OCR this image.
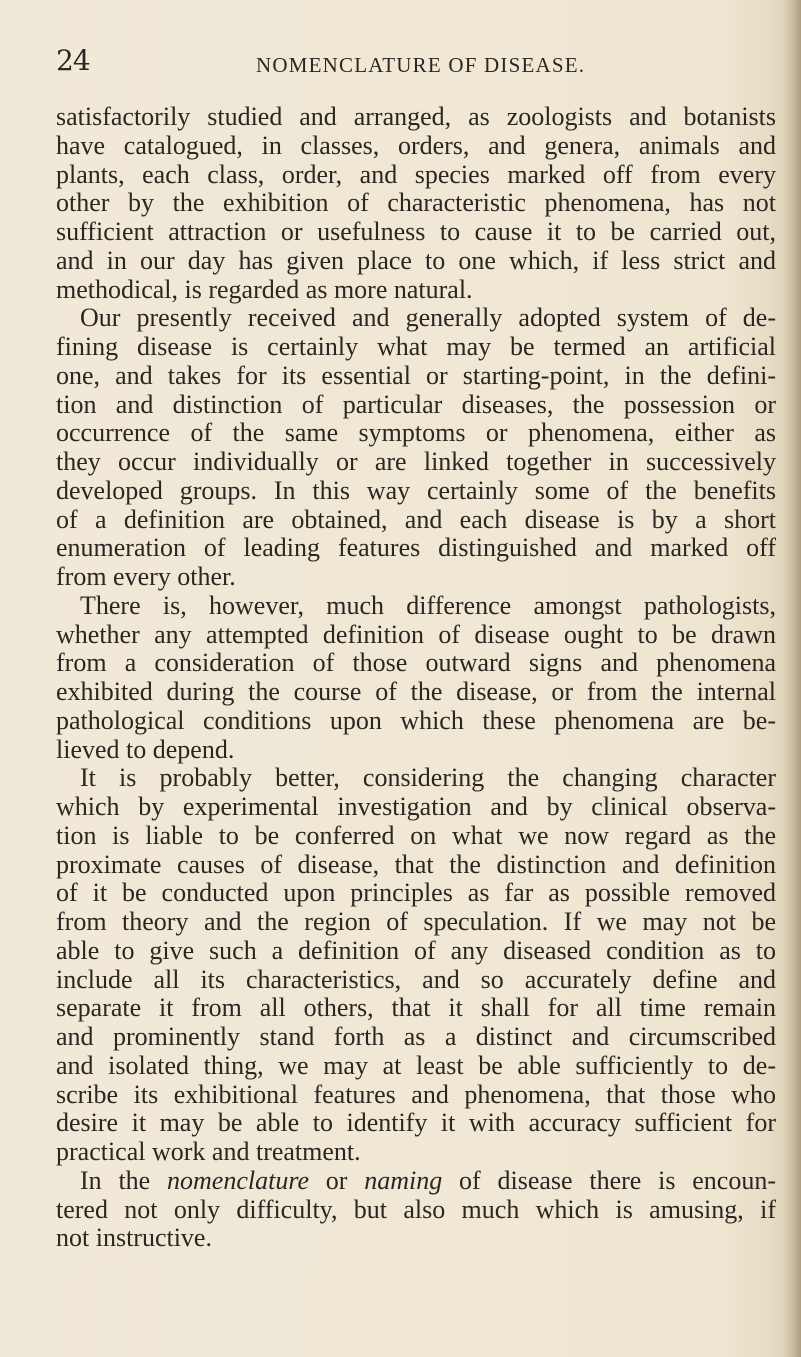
24	NOMENCLATURE OF DISEASE.
satisfactorily studied and arranged, as zoologists and botanists
have catalogued, in classes, orders, and genera, animals and
plants, each class, order, and species marked off from every
other by the exhibition of characteristic phenomena, has not
sufficient attraction or usefulness to cause it to be carried out,
and in our day has given place to one which, if less strict and
methodical, is regarded as more natural.
Our presently received and generally adopted system of de-
fining disease is certainly what may be termed an artificial
one, and takes for its essential or starting-point, in the defini-
tion and distinction of particular diseases, the possession or
occurrence of the same symptoms or phenomena, either as
they occur individually or are linked together in successively
developed groups. In this way certainly some of the benefits
of a definition are obtained, and each disease is by a short
enumeration of leading features distinguished and marked off
from every other.
There is, however, much difference amongst pathologists,
whether any attempted definition of disease ought to be drawn
from a consideration of those outward signs and phenomena
exhibited during the course of the disease, or from the internal
pathological conditions upon which these phenomena are be-
lieved to depend.
It is probably better, considering the changing character
which by experimental investigation and by clinical observa-
tion is liable to be conferred on what we now regard as the
proximate causes of disease, that the distinction and definition
of it be conducted upon principles as far as possible removed
from theory and the region of speculation. If we may not be
able to give such a definition of any diseased condition as to
include all its characteristics, and so accurately define and
separate it from all others, that it shall for all time remain
and prominently stand forth as a distinct and circumscribed
and isolated thing, we may at least be able sufficiently to de-
scribe its exhibitional features and phenomena, that those who
desire it may be able to identify it with accuracy sufficient for
practical work and treatment.
In the nomenclature or naming of disease there is encoun-
tered not only difficulty, but also much which is amusing, if
not instructive.
